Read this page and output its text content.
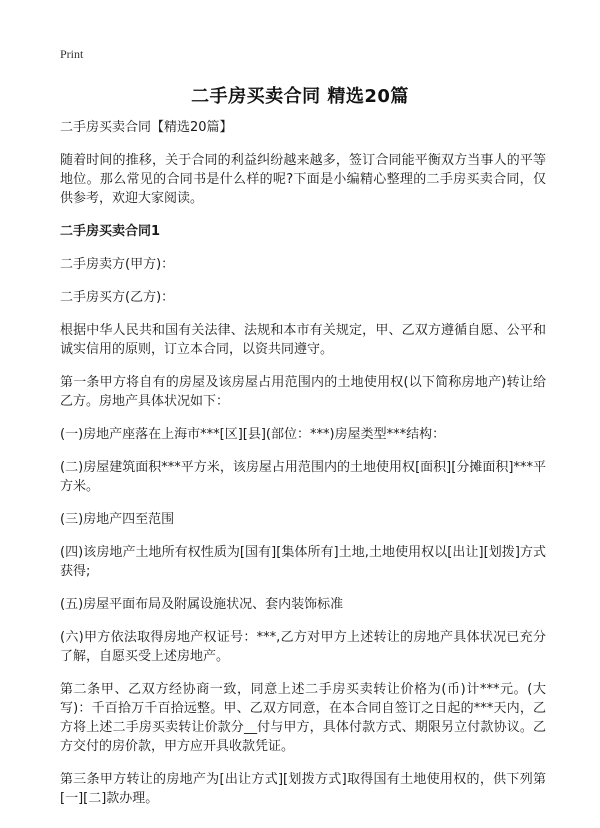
Print
二手房买卖合同 精选20篇

二手房买卖合同【精选20篇】

随着时间的推移，关于合同的利益纠纷越来越多，签订合同能平衡双方当事人的平等地位。那么常见的合同书是什么样的呢?下面是小编精心整理的二手房买卖合同，仅供参考，欢迎大家阅读。

二手房买卖合同1

二手房卖方(甲方)：

二手房买方(乙方)：

根据中华人民共和国有关法律、法规和本市有关规定，甲、乙双方遵循自愿、公平和诚实信用的原则，订立本合同，以资共同遵守。

第一条甲方将自有的房屋及该房屋占用范围内的土地使用权(以下简称房地产)转让给乙方。房地产具体状况如下：

(一)房地产座落在上海市***[区][县](部位：***)房屋类型***结构：

(二)房屋建筑面积***平方米，该房屋占用范围内的土地使用权[面积][分摊面积]***平方米。

(三)房地产四至范围

(四)该房地产土地所有权性质为[国有][集体所有]土地,土地使用权以[出让][划拨]方式获得;

(五)房屋平面布局及附属设施状况、套内装饰标准

(六)甲方依法取得房地产权证号：***,乙方对甲方上述转让的房地产具体状况已充分了解，自愿买受上述房地产。

第二条甲、乙双方经协商一致，同意上述二手房买卖转让价格为(币)计***元。(大写)：千百拾万千百拾远整。甲、乙双方同意，在本合同自签订之日起的***天内，乙方将上述二手房买卖转让价款分__付与甲方，具体付款方式、期限另立付款协议。乙方交付的房价款，甲方应开具收款凭证。

第三条甲方转让的房地产为[出让方式][划拨方式]取得国有土地使用权的，供下列第[一][二]款办理。
